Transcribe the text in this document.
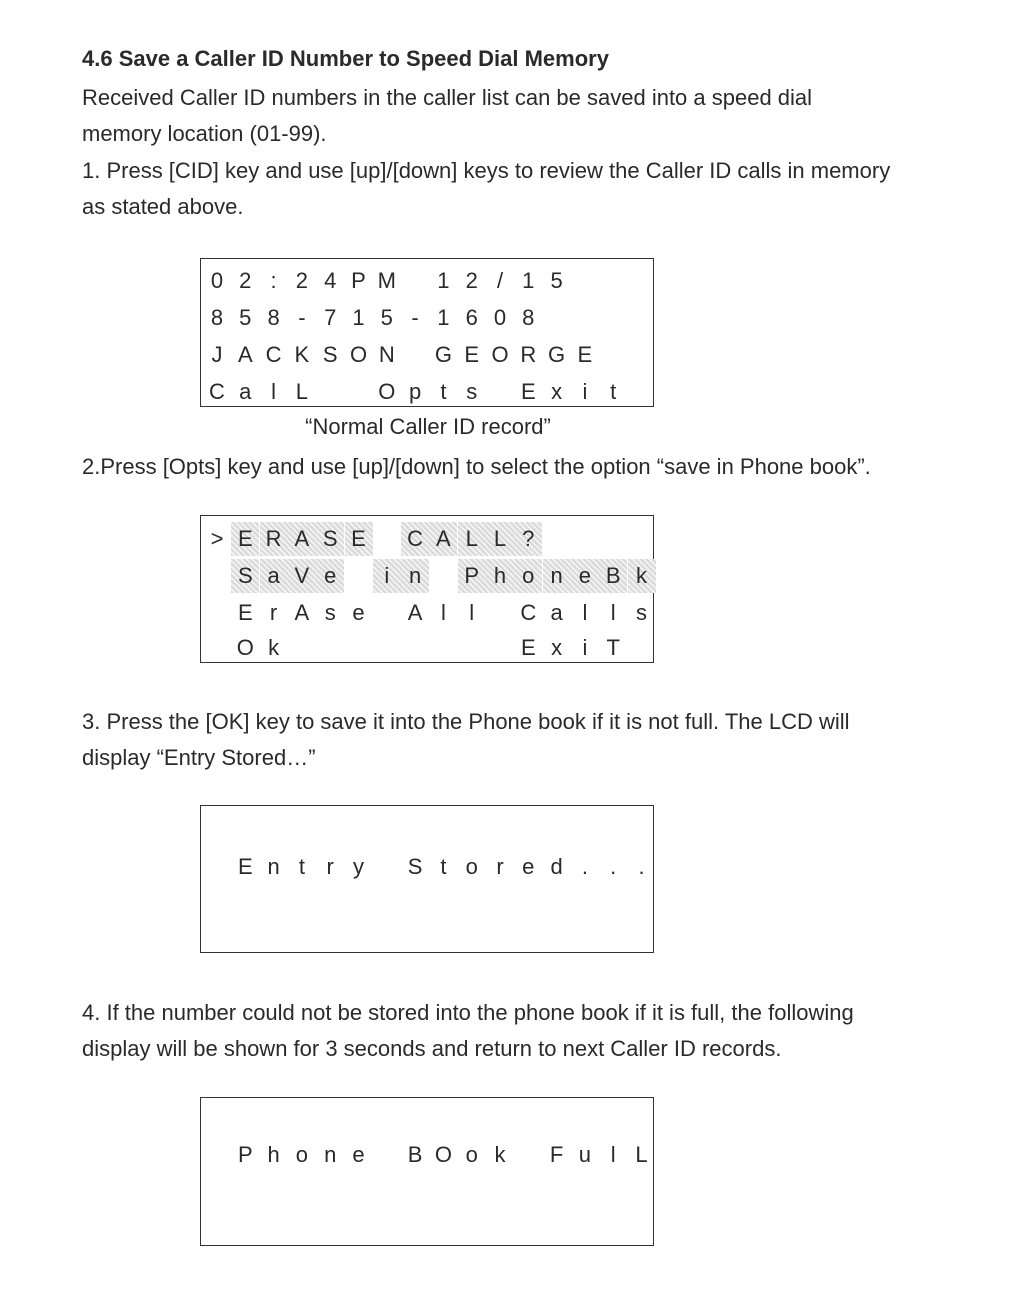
4.6 Save a Caller ID Number to Speed Dial Memory
Received Caller ID numbers in the caller list can be saved into a speed dial
memory location (01-99).
1. Press [CID] key and use [up]/[down] keys to review the Caller ID calls in memory
as stated above.
0 2 : 2 4 P M	1 2 / 1 5
8 5 8 - 7 1 5 - 1 6 0 8
J A C K S O N G E O R G E
C a l L	O p t s	E x i	t
“Normal Caller ID record”
2.Press [Opts] key and use [up]/[down] to select the option “save in Phone book”.
> E R A S E	C A L L ?
S a V e	i n	P h o n e B k
E r A s e	A l	l	C a l	l s
O k	E x i T
3. Press the [OK] key to save it into the Phone book if it is not full. The LCD will
display “Entry Stored…”
E n t r y	S t o r e d .	.	.
4. If the number could not be stored into the phone book if it is full, the following
display will be shown for 3 seconds and return to next Caller ID records.
P h o n e	B O o k	F u l L
